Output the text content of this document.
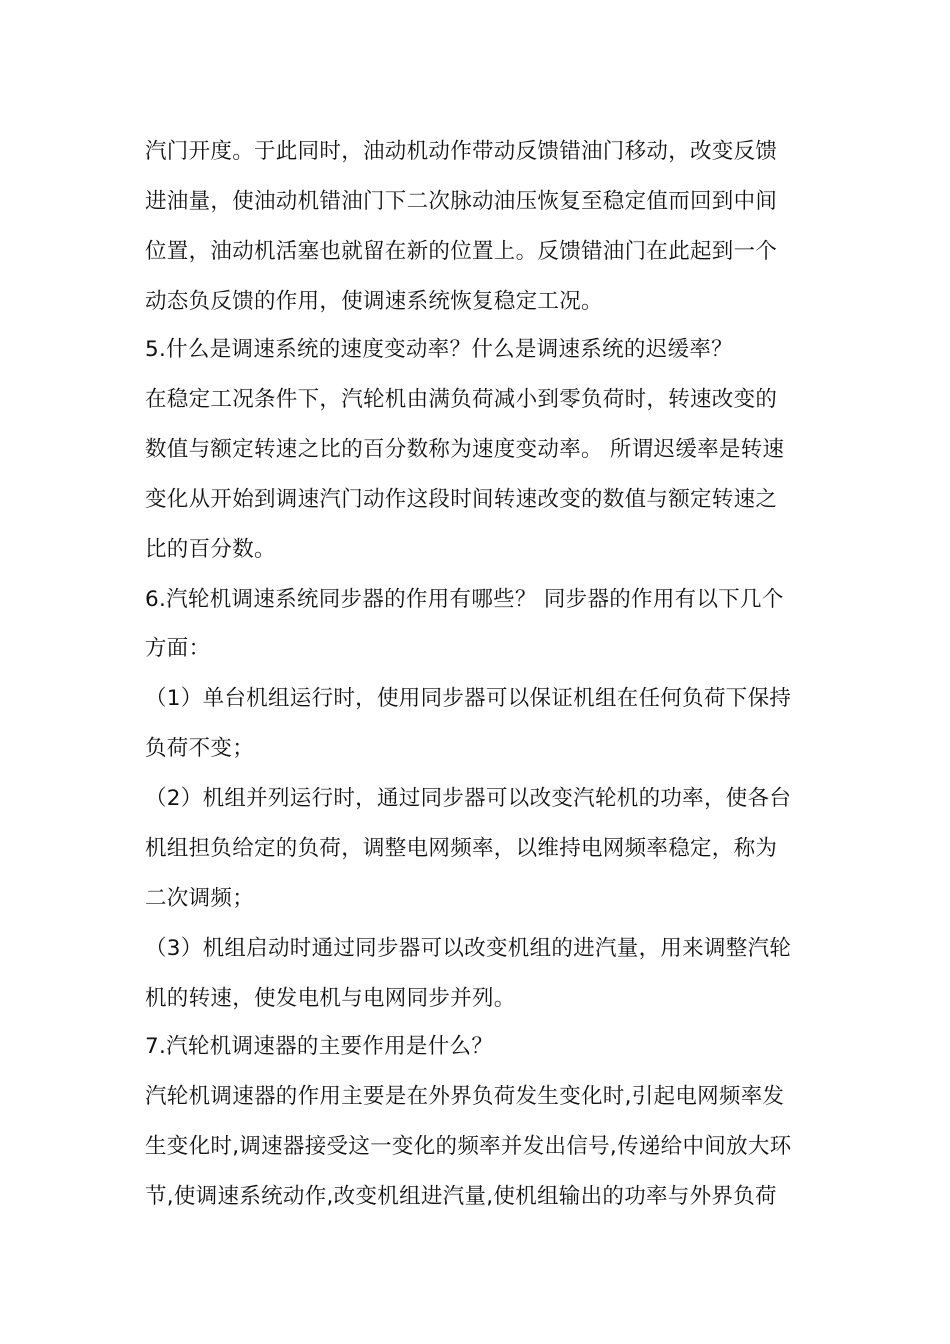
汽门开度。于此同时，油动机动作带动反馈错油门移动，改变反馈
进油量，使油动机错油门下二次脉动油压恢复至稳定值而回到中间
位置，油动机活塞也就留在新的位置上。反馈错油门在此起到一个
动态负反馈的作用，使调速系统恢复稳定工况。
5.什么是调速系统的速度变动率？什么是调速系统的迟缓率？
在稳定工况条件下，汽轮机由满负荷减小到零负荷时，转速改变的
数值与额定转速之比的百分数称为速度变动率。 所谓迟缓率是转速
变化从开始到调速汽门动作这段时间转速改变的数值与额定转速之
比的百分数。
6.汽轮机调速系统同步器的作用有哪些？ 同步器的作用有以下几个
方面：
（1）单台机组运行时，使用同步器可以保证机组在任何负荷下保持
负荷不变；
（2）机组并列运行时，通过同步器可以改变汽轮机的功率，使各台
机组担负给定的负荷，调整电网频率，以维持电网频率稳定，称为
二次调频；
（3）机组启动时通过同步器可以改变机组的进汽量，用来调整汽轮
机的转速，使发电机与电网同步并列。
7.汽轮机调速器的主要作用是什么？
汽轮机调速器的作用主要是在外界负荷发生变化时,引起电网频率发
生变化时,调速器接受这一变化的频率并发出信号,传递给中间放大环
节,使调速系统动作,改变机组进汽量,使机组输出的功率与外界负荷
